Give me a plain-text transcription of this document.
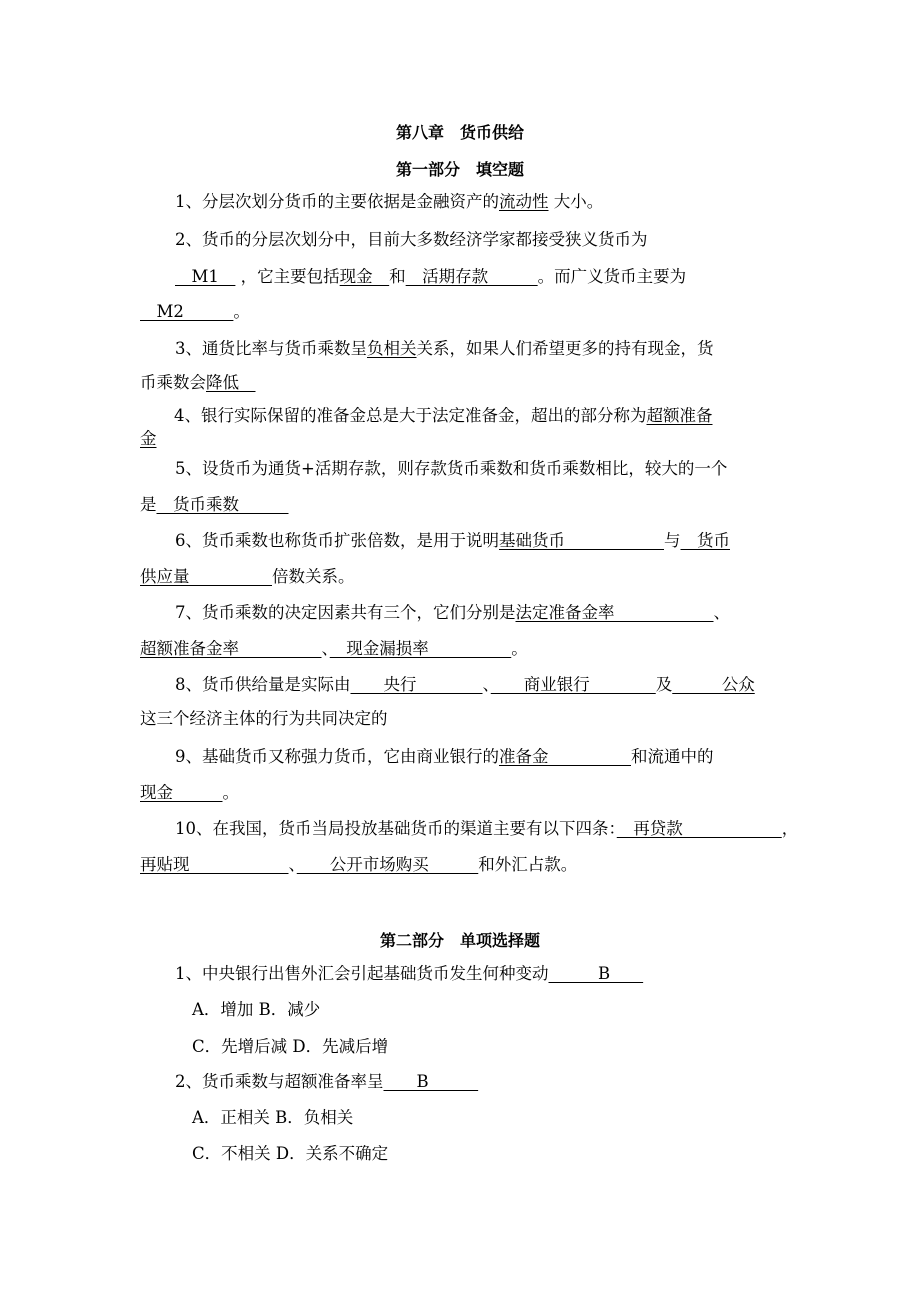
第八章　货币供给
第一部分　填空题
1、分层次划分货币的主要依据是金融资产的流动性 大小。
2、货币的分层次划分中，目前大多数经济学家都接受狭义货币为
　M1　 ，它主要包括现金　和　活期存款　　　。而广义货币主要为
　M2　　　。
3、通货比率与货币乘数呈负相关关系，如果人们希望更多的持有现金，货
币乘数会降低　
4、银行实际保留的准备金总是大于法定准备金，超出的部分称为超额准备
金
5、设货币为通货+活期存款，则存款货币乘数和货币乘数相比，较大的一个
是　货币乘数　　　
6、货币乘数也称货币扩张倍数，是用于说明基础货币　　　　　　与　货币
供应量　　　　　倍数关系。
7、货币乘数的决定因素共有三个，它们分别是法定准备金率　　　　　　、
超额准备金率　　　　　、　现金漏损率　　　　　。
8、货币供给量是实际由　　央行　　　　、　　商业银行　　　　及　　　公众
这三个经济主体的行为共同决定的
9、基础货币又称强力货币，它由商业银行的准备金　　　　　和流通中的
现金　　　。
10、在我国，货币当局投放基础货币的渠道主要有以下四条：　再贷款　　　　　　，
再贴现　　　　　　、　　公开市场购买　　　和外汇占款。
第二部分　单项选择题
1、中央银行出售外汇会引起基础货币发生何种变动　　　B　　
A．增加 B．减少
C．先增后减 D．先减后增
2、货币乘数与超额准备率呈　　B　　　
A．正相关 B．负相关
C．不相关 D．关系不确定
